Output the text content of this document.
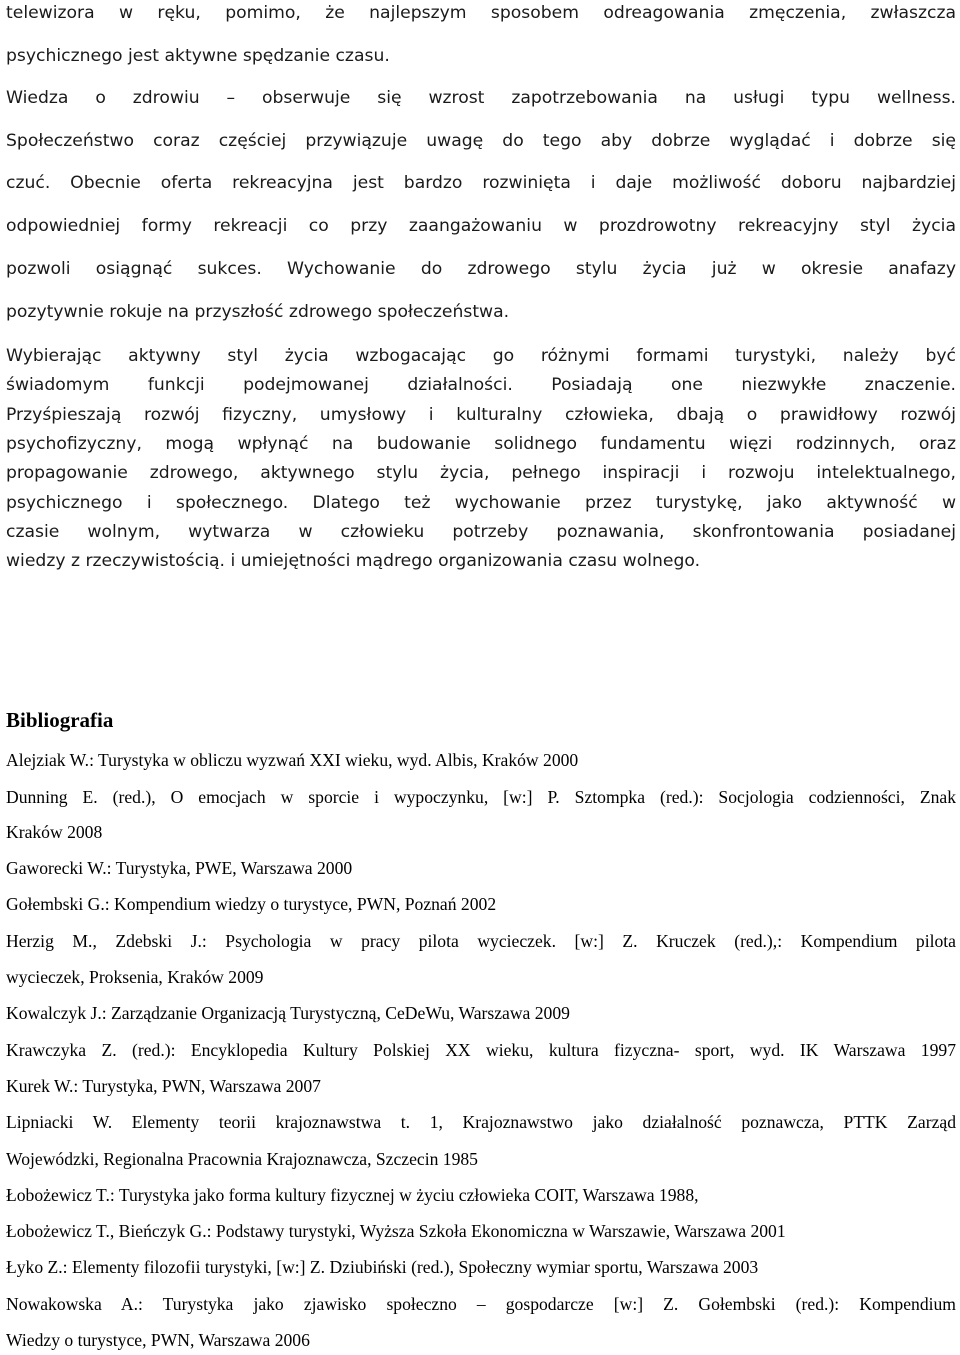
telewizora w ręku, pomimo, że najlepszym sposobem odreagowania zmęczenia, zwłaszcza
psychicznego jest aktywne spędzanie czasu.
Wiedza o zdrowiu – obserwuje się wzrost zapotrzebowania na usługi typu wellness.
Społeczeństwo coraz częściej przywiązuje uwagę do tego aby dobrze wyglądać i dobrze się
czuć. Obecnie oferta rekreacyjna jest bardzo rozwinięta i daje możliwość doboru najbardziej
odpowiedniej formy rekreacji co przy zaangażowaniu w prozdrowotny rekreacyjny styl życia
pozwoli osiągnąć sukces. Wychowanie do zdrowego stylu życia już w okresie anafazy
pozytywnie rokuje na przyszłość zdrowego społeczeństwa.
Wybierając aktywny styl życia wzbogacając go różnymi formami turystyki, należy być
świadomym funkcji podejmowanej działalności. Posiadają one niezwykłe znaczenie.
Przyśpieszają rozwój fizyczny, umysłowy i kulturalny człowieka, dbają o prawidłowy rozwój
psychofizyczny, mogą wpłynąć na budowanie solidnego fundamentu więzi rodzinnych, oraz
propagowanie zdrowego, aktywnego stylu życia, pełnego inspiracji i rozwoju intelektualnego,
psychicznego i społecznego. Dlatego też wychowanie przez turystykę, jako aktywność w
czasie wolnym, wytwarza w człowieku potrzeby poznawania, skonfrontowania posiadanej
wiedzy z rzeczywistością. i umiejętności mądrego organizowania czasu wolnego.
Bibliografia
Alejziak W.: Turystyka w obliczu wyzwań XXI wieku, wyd. Albis, Kraków 2000
Dunning E. (red.), O emocjach w sporcie i wypoczynku, [w:] P. Sztompka (red.): Socjologia codzienności, Znak
Kraków 2008
Gaworecki W.: Turystyka, PWE, Warszawa 2000
Gołembski G.: Kompendium wiedzy o turystyce, PWN, Poznań 2002
Herzig M., Zdebski J.: Psychologia w pracy pilota wycieczek. [w:] Z. Kruczek (red.),: Kompendium pilota
wycieczek, Proksenia, Kraków 2009
Kowalczyk J.: Zarządzanie Organizacją Turystyczną, CeDeWu, Warszawa 2009
Krawczyka Z. (red.): Encyklopedia Kultury Polskiej XX wieku, kultura fizyczna- sport, wyd. IK Warszawa 1997
Kurek W.: Turystyka, PWN, Warszawa 2007
Lipniacki W. Elementy teorii krajoznawstwa t. 1, Krajoznawstwo jako działalność poznawcza, PTTK Zarząd
Wojewódzki, Regionalna Pracownia Krajoznawcza, Szczecin 1985
Łobożewicz T.: Turystyka jako forma kultury fizycznej w życiu człowieka COIT, Warszawa 1988,
Łobożewicz T., Bieńczyk G.: Podstawy turystyki, Wyższa Szkoła Ekonomiczna w Warszawie, Warszawa 2001
Łyko Z.: Elementy filozofii turystyki, [w:] Z. Dziubiński (red.), Społeczny wymiar sportu, Warszawa 2003
Nowakowska A.: Turystyka jako zjawisko społeczno – gospodarcze [w:] Z. Gołembski (red.): Kompendium
Wiedzy o turystyce, PWN, Warszawa 2006
